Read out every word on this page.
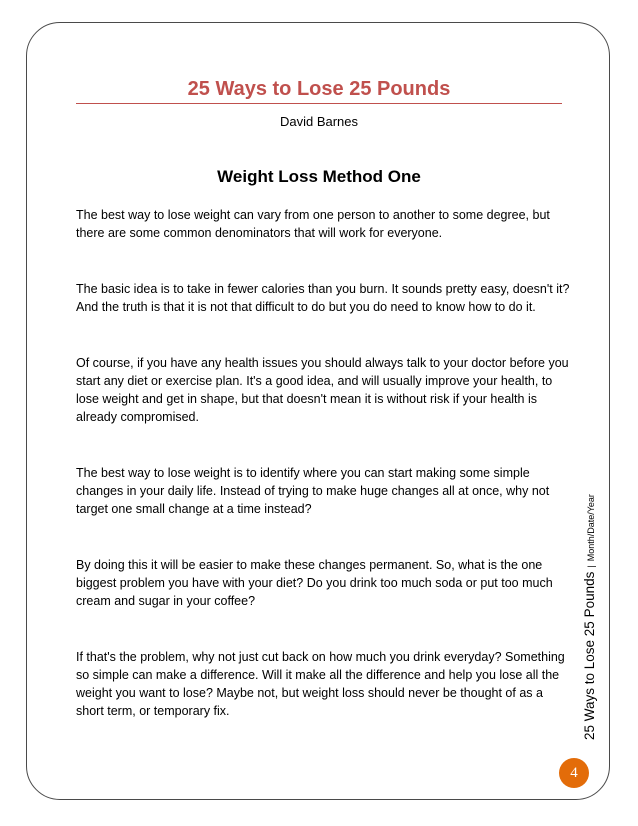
25 Ways to Lose 25 Pounds
David Barnes
Weight Loss Method One

The best way to lose weight can vary from one person to another to some degree, but there are some common denominators that will work for everyone.

The basic idea is to take in fewer calories than you burn. It sounds pretty easy, doesn't it? And the truth is that it is not that difficult to do but you do need to know how to do it.

Of course, if you have any health issues you should always talk to your doctor before you start any diet or exercise plan. It's a good idea, and will usually improve your health, to lose weight and get in shape, but that doesn't mean it is without risk if your health is already compromised.

The best way to lose weight is to identify where you can start making some simple changes in your daily life. Instead of trying to make huge changes all at once, why not target one small change at a time instead?

By doing this it will be easier to make these changes permanent. So, what is the one biggest problem you have with your diet? Do you drink too much soda or put too much cream and sugar in your coffee?

If that's the problem, why not just cut back on how much you drink everyday? Something so simple can make a difference. Will it make all the difference and help you lose all the weight you want to lose? Maybe not, but weight loss should never be thought of as a short term, or temporary fix.	25 Ways to Lose 25 Pounds|Month/Date/Year
4
